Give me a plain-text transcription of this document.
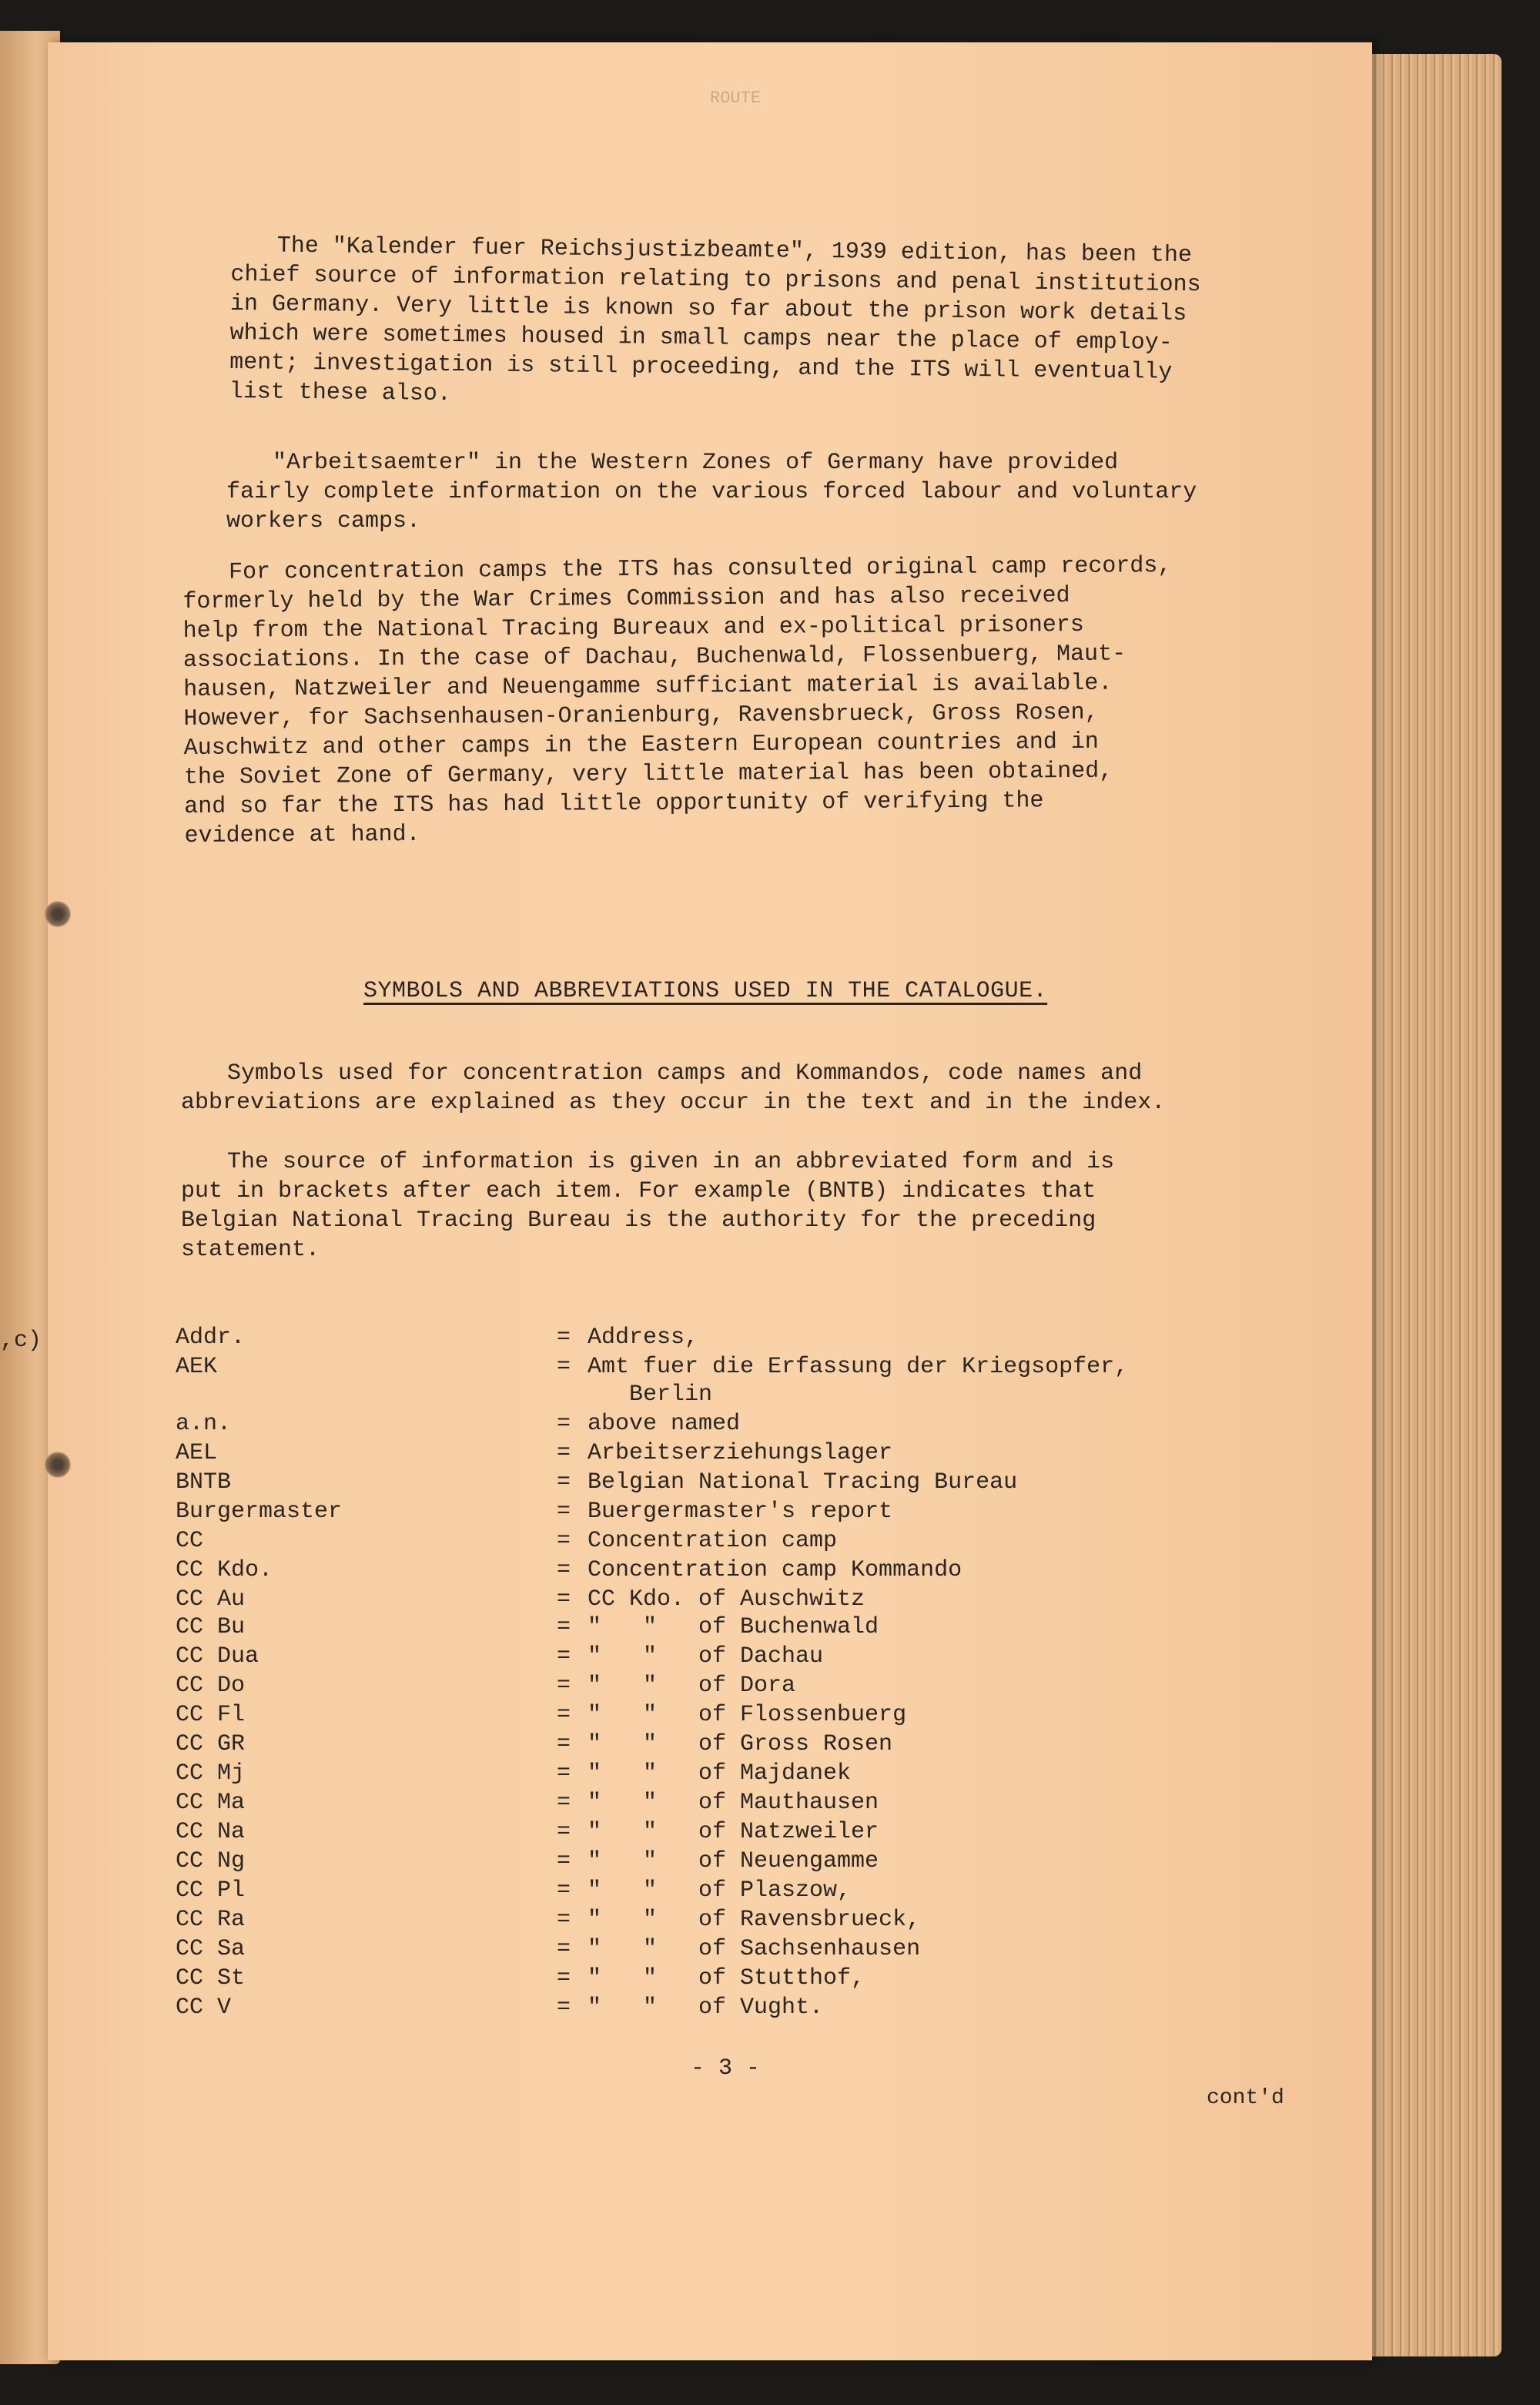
,c)
ROUTE
The "Kalender fuer Reichsjustizbeamte", 1939 edition, has been the
chief source of information relating to prisons and penal institutions
in Germany. Very little is known so far about the prison work details
which were sometimes housed in small camps near the place of employ-
ment; investigation is still proceeding, and the ITS will eventually
list these also.
"Arbeitsaemter" in the Western Zones of Germany have provided
fairly complete information on the various forced labour and voluntary
workers camps.
For concentration camps the ITS has consulted original camp records,
formerly held by the War Crimes Commission and has also received
help from the National Tracing Bureaux and ex-political prisoners
associations. In the case of Dachau, Buchenwald, Flossenbuerg, Maut-
hausen, Natzweiler and Neuengamme sufficiant material is available.
However, for Sachsenhausen-Oranienburg, Ravensbrueck, Gross Rosen,
Auschwitz and other camps in the Eastern European countries and in
the Soviet Zone of Germany, very little material has been obtained,
and so far the ITS has had little opportunity of verifying the
evidence at hand.
SYMBOLS AND ABBREVIATIONS USED IN THE CATALOGUE.
Symbols used for concentration camps and Kommandos, code names and
abbreviations are explained as they occur in the text and in the index.
The source of information is given in an abbreviated form and is
put in brackets after each item. For example (BNTB) indicates that
Belgian National Tracing Bureau is the authority for the preceding
statement.
Addr.	= Address,
AEK	= Amt fuer die Erfassung der Kriegsopfer,
Berlin
a.n.	= above named
AEL	= Arbeitserziehungslager
BNTB	= Belgian National Tracing Bureau
Burgermaster	= Buergermaster's report
CC	= Concentration camp
CC Kdo.	= Concentration camp Kommando
CC Au	= CC Kdo. of Auschwitz
CC Bu	= "   "   of Buchenwald
CC Dua	= "   "   of Dachau
CC Do	= "   "   of Dora
CC Fl	= "   "   of Flossenbuerg
CC GR	= "   "   of Gross Rosen
CC Mj	= "   "   of Majdanek
CC Ma	= "   "   of Mauthausen
CC Na	= "   "   of Natzweiler
CC Ng	= "   "   of Neuengamme
CC Pl	= "   "   of Plaszow,
CC Ra	= "   "   of Ravensbrueck,
CC Sa	= "   "   of Sachsenhausen
CC St	= "   "   of Stutthof,
CC V	= "   "   of Vught.
- 3 -
cont'd
